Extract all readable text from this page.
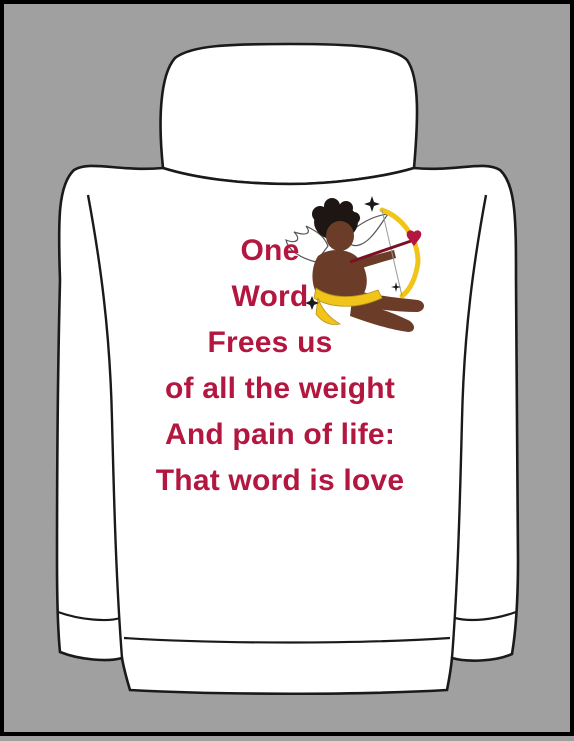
One
Word
Frees us
of all the weight
And pain of life:
That word is love
